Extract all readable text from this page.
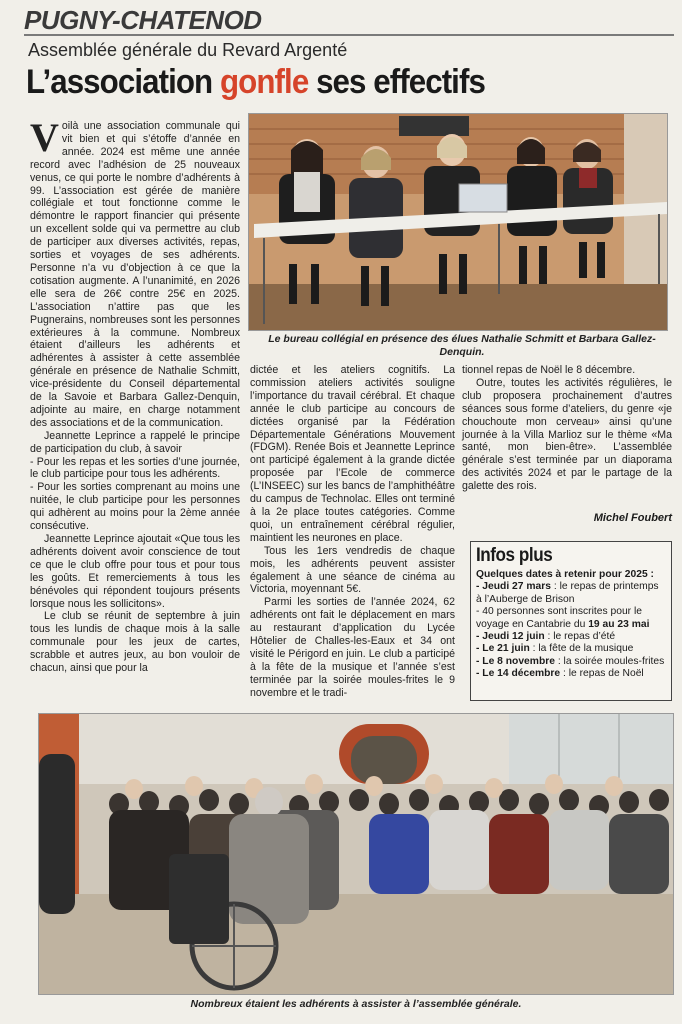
PUGNY-CHATENOD
Assemblée générale du Revard Argenté
L’association gonfle ses effectifs
V oilà une association communale qui vit bien et qui s’étoffe d’année en année. 2024 est même une année record avec l’adhésion de 25 nouveaux venus, ce qui porte le nombre d’adhérents à 99. L’association est gérée de manière collégiale et tout fonctionne comme le démontre le rapport financier qui présente un excellent solde qui va permettre au club de participer aux diverses activités, repas, sorties et voyages de ses adhérents. Personne n’a vu d’objection à ce que la cotisation augmente. A l’unanimité, en 2026 elle sera de 26€ contre 25€ en 2025. L’association n’attire pas que les Pugnerains, nombreuses sont les personnes extérieures à la commune. Nombreux étaient d’ailleurs les adhérents et adhérentes à assister à cette assemblée générale en présence de Nathalie Schmitt, vice-présidente du Conseil départemental de la Savoie et Barbara Gallez-Denquin, adjointe au maire, en charge notamment des associations et de la communication.

Jeannette Leprince a rappelé le principe de participation du club, à savoir

- Pour les repas et les sorties d’une journée, le club participe pour tous les adhérents.

- Pour les sorties comprenant au moins une nuitée, le club participe pour les personnes qui adhèrent au moins pour la 2ème année consécutive.

Jeannette Leprince ajoutait «Que tous les adhérents doivent avoir conscience de tout ce que le club offre pour tous et pour tous les goûts. Et remerciements à tous les bénévoles qui répondent toujours présents lorsque nous les sollicitons».

Le club se réunit de septembre à juin tous les lundis de chaque mois à la salle communale pour les jeux de cartes, scrabble et autres jeux, au bon vouloir de chacun, ainsi que pour la

Le bureau collégial en présence des élues Nathalie Schmitt et Barbara Gallez-Denquin.

dictée et les ateliers cognitifs. La commission ateliers activités souligne l’importance du travail cérébral. Et chaque année le club participe au concours de dictées organisé par la Fédération Départementale Générations Mouvement (FDGM). Renée Bois et Jeannette Leprince ont participé également à la grande dictée proposée par l’Ecole de commerce (L’INSEEC) sur les bancs de l’amphithéâtre du campus de Technolac. Elles ont terminé à la 2e place toutes catégories. Comme quoi, un entraînement cérébral régulier, maintient les neurones en place.

Tous les 1ers vendredis de chaque mois, les adhérents peuvent assister également à une séance de cinéma au Victoria, moyennant 5€.

Parmi les sorties de l’année 2024, 62 adhérents ont fait le déplacement en mars au restaurant d’application du Lycée Hôtelier de Challes-les-Eaux et 34 ont visité le Périgord en juin. Le club a participé à la fête de la musique et l’année s’est terminée par la soirée moules-frites le 9 novembre et le tradi-

tionnel repas de Noël le 8 décembre.

Outre, toutes les activités régulières, le club proposera prochainement d’autres séances sous forme d’ateliers, du genre «je chouchoute mon cerveau» ainsi qu’une journée à la Villa Marlioz sur le thème «Ma santé, mon bien-être». L’assemblée générale s’est terminée par un diaporama des activités 2024 et par le partage de la galette des rois.

Michel Foubert
Infos plus
Quelques dates à retenir pour 2025 :
- Jeudi 27 mars : le repas de printemps à l’Auberge de Brison
- 40 personnes sont inscrites pour le voyage en Cantabrie du 19 au 23 mai
- Jeudi 12 juin : le repas d’été
- Le 21 juin : la fête de la musique
- Le 8 novembre : la soirée moules-frites
- Le 14 décembre : le repas de Noël
Nombreux étaient les adhérents à assister à l’assemblée générale.
